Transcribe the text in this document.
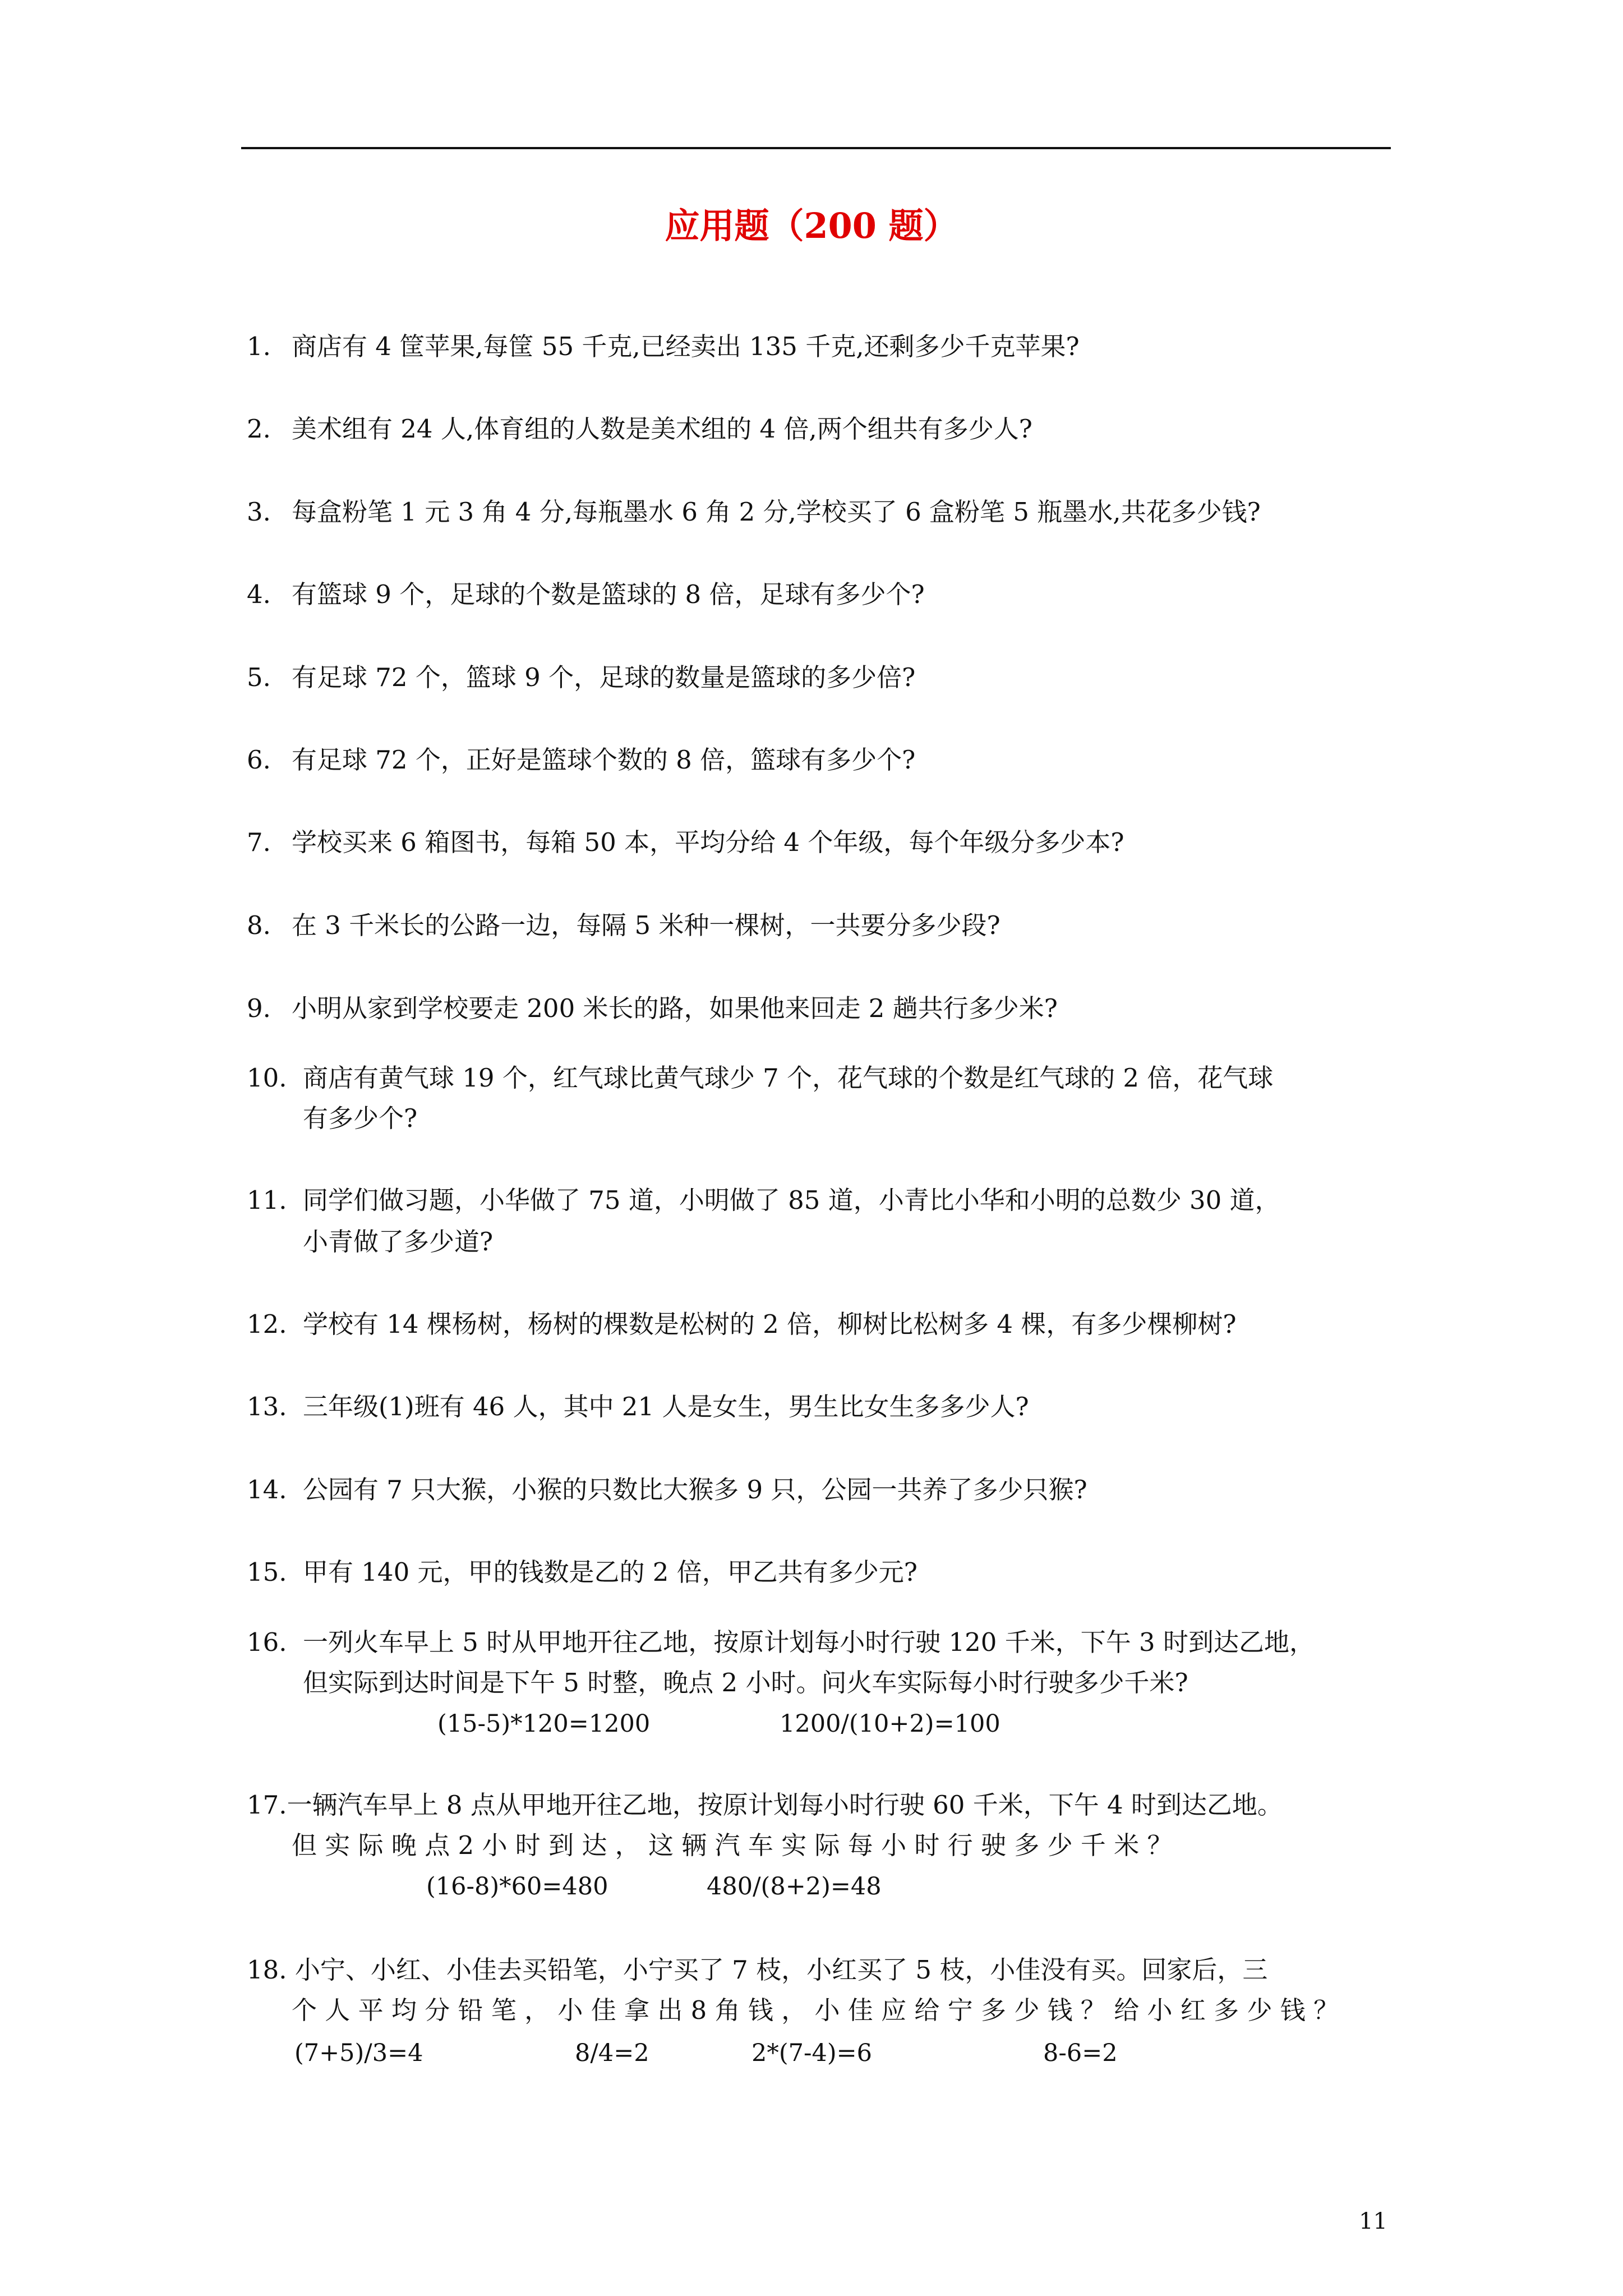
应用题（200 题）
1. 商店有 4 筐苹果,每筐 55 千克,已经卖出 135 千克,还剩多少千克苹果?
2. 美术组有 24 人,体育组的人数是美术组的 4 倍,两个组共有多少人?
3. 每盒粉笔 1 元 3 角 4 分,每瓶墨水 6 角 2 分,学校买了 6 盒粉笔 5 瓶墨水,共花多少钱?
4. 有篮球 9 个，足球的个数是篮球的 8 倍，足球有多少个?
5. 有足球 72 个，篮球 9 个，足球的数量是篮球的多少倍?
6. 有足球 72 个，正好是篮球个数的 8 倍，篮球有多少个?
7. 学校买来 6 箱图书，每箱 50 本，平均分给 4 个年级，每个年级分多少本?
8. 在 3 千米长的公路一边，每隔 5 米种一棵树，一共要分多少段?
9. 小明从家到学校要走 200 米长的路，如果他来回走 2 趟共行多少米?
10. 商店有黄气球 19 个，红气球比黄气球少 7 个，花气球的个数是红气球的 2 倍，花气球
有多少个?
11. 同学们做习题，小华做了 75 道，小明做了 85 道，小青比小华和小明的总数少 30 道，
小青做了多少道?
12. 学校有 14 棵杨树，杨树的棵数是松树的 2 倍，柳树比松树多 4 棵，有多少棵柳树?
13. 三年级(1)班有 46 人，其中 21 人是女生，男生比女生多多少人?
14. 公园有 7 只大猴，小猴的只数比大猴多 9 只，公园一共养了多少只猴?
15. 甲有 140 元，甲的钱数是乙的 2 倍，甲乙共有多少元?
16. 一列火车早上 5 时从甲地开往乙地，按原计划每小时行驶 120 千米，下午 3 时到达乙地，
但实际到达时间是下午 5 时整，晚点 2 小时。问火车实际每小时行驶多少千米?
(15-5)*120=1200	1200/(10+2)=100
17.一辆汽车早上 8 点从甲地开往乙地，按原计划每小时行驶 60 千米，下午 4 时到达乙地。
但 实 际 晚 点 2 小 时 到 达 ， 这 辆 汽 车 实 际 每 小 时 行 驶 多 少 千 米 ？
(16-8)*60=480	480/(8+2)=48
18. 小宁、小红、小佳去买铅笔，小宁买了 7 枝，小红买了 5 枝，小佳没有买。回家后，三
个 人 平 均 分 铅 笔 ， 小 佳 拿 出 8 角 钱 ， 小 佳 应 给 宁 多 少 钱 ？ 给 小 红 多 少 钱 ？
(7+5)/3=4	8/4=2	2*(7-4)=6	8-6=2
11
